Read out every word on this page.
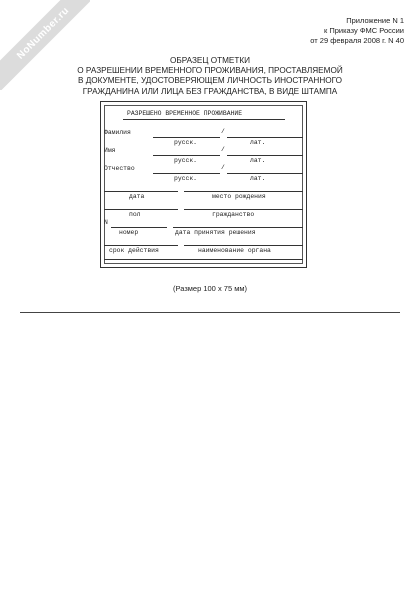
NoNumber.ru	Приложение N 1
к Приказу ФМС России
от 29 февраля 2008 г. N 40
ОБРАЗЕЦ ОТМЕТКИ
О РАЗРЕШЕНИИ ВРЕМЕННОГО ПРОЖИВАНИЯ, ПРОСТАВЛЯЕМОЙ
В ДОКУМЕНТЕ, УДОСТОВЕРЯЮЩЕМ ЛИЧНОСТЬ ИНОСТРАННОГО
ГРАЖДАНИНА ИЛИ ЛИЦА БЕЗ ГРАЖДАНСТВА, В ВИДЕ ШТАМПА
РАЗРЕШЕНО ВРЕМЕННОЕ ПРОЖИВАНИЕ
Фамилия	/
русск.	лат.
Имя	/
русск.	лат.
Отчество	/
русск.	лат.
дата	место рождения
пол	гражданство
N
номер	дата принятия решения
срок действия	наименование органа
(Размер 100 x 75 мм)
